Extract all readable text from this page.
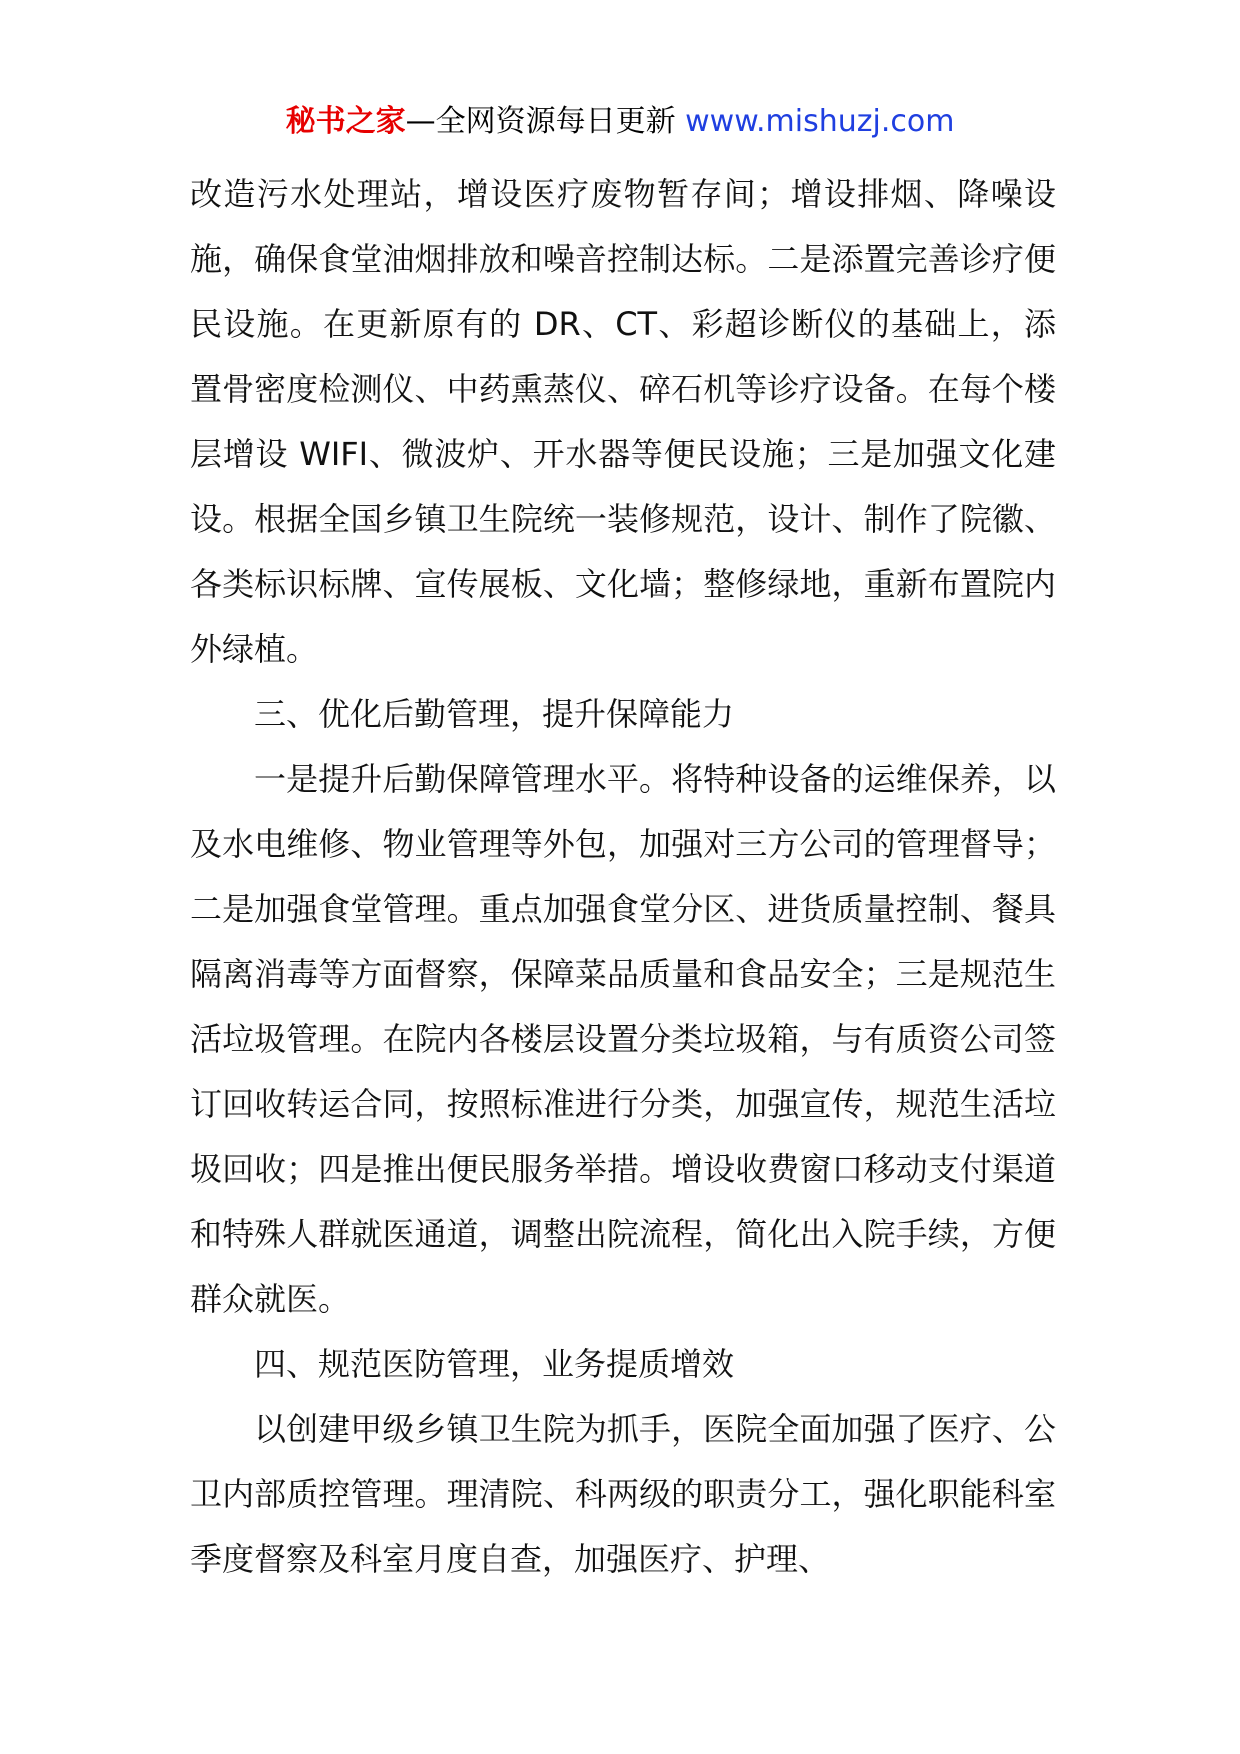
秘书之家—全网资源每日更新 www.mishuzj.com

改造污水处理站，增设医疗废物暂存间；增设排烟、降噪设施，确保食堂油烟排放和噪音控制达标。二是添置完善诊疗便民设施。在更新原有的 DR、CT、彩超诊断仪的基础上，添置骨密度检测仪、中药熏蒸仪、碎石机等诊疗设备。在每个楼层增设 WIFI、微波炉、开水器等便民设施；三是加强文化建设。根据全国乡镇卫生院统一装修规范，设计、制作了院徽、各类标识标牌、宣传展板、文化墙；整修绿地，重新布置院内外绿植。

三、优化后勤管理，提升保障能力

一是提升后勤保障管理水平。将特种设备的运维保养，以及水电维修、物业管理等外包，加强对三方公司的管理督导；二是加强食堂管理。重点加强食堂分区、进货质量控制、餐具隔离消毒等方面督察，保障菜品质量和食品安全；三是规范生活垃圾管理。在院内各楼层设置分类垃圾箱，与有质资公司签订回收转运合同，按照标准进行分类，加强宣传，规范生活垃圾回收；四是推出便民服务举措。增设收费窗口移动支付渠道和特殊人群就医通道，调整出院流程，简化出入院手续，方便群众就医。

四、规范医防管理，业务提质增效

以创建甲级乡镇卫生院为抓手，医院全面加强了医疗、公卫内部质控管理。理清院、科两级的职责分工，强化职能科室季度督察及科室月度自查，加强医疗、护理、
